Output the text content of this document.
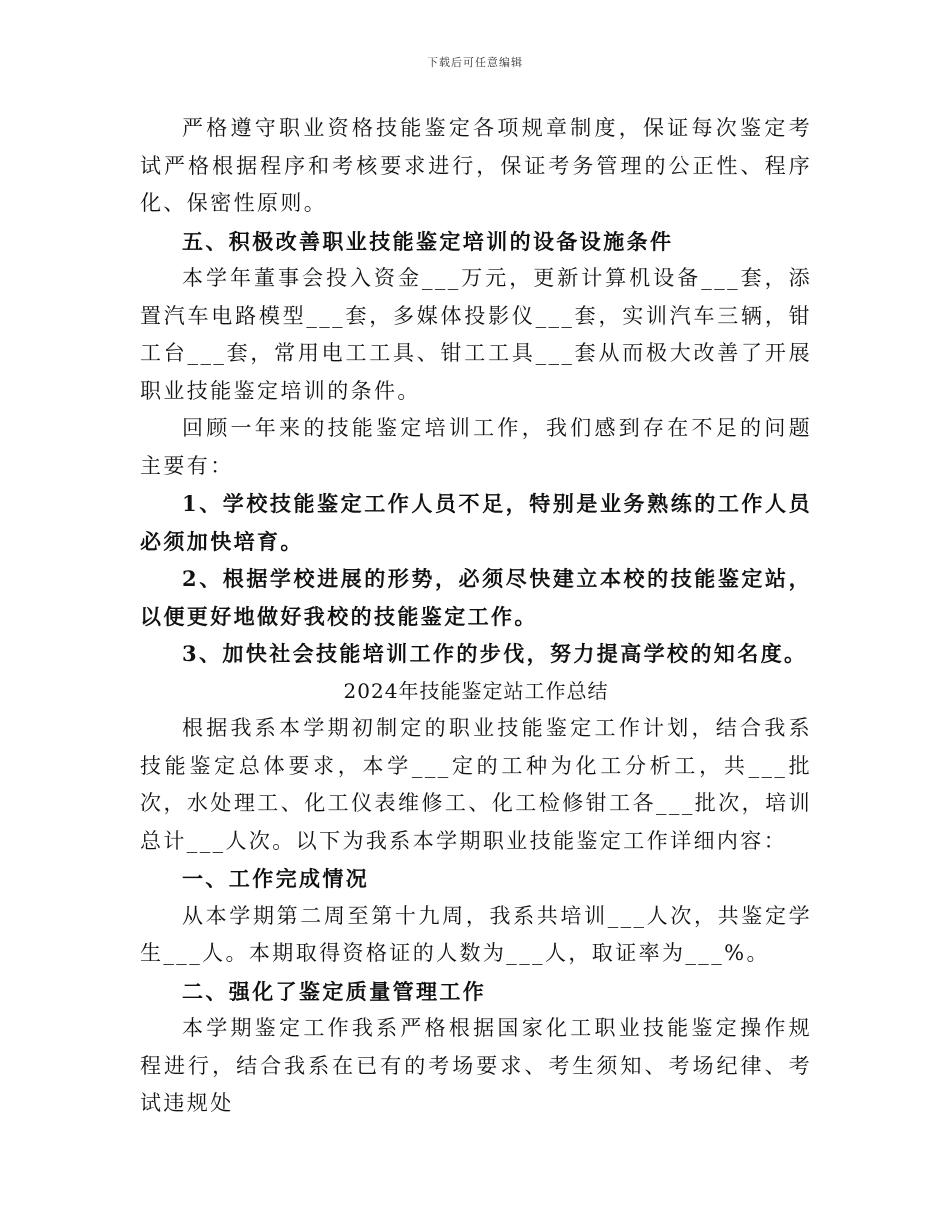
下载后可任意编辑

严格遵守职业资格技能鉴定各项规章制度，保证每次鉴定考试严格根据程序和考核要求进行，保证考务管理的公正性、程序化、保密性原则。

五、积极改善职业技能鉴定培训的设备设施条件

本学年董事会投入资金___万元，更新计算机设备___套，添置汽车电路模型___套，多媒体投影仪___套，实训汽车三辆，钳工台___套，常用电工工具、钳工工具___套从而极大改善了开展职业技能鉴定培训的条件。

回顾一年来的技能鉴定培训工作，我们感到存在不足的问题主要有：

1、学校技能鉴定工作人员不足，特别是业务熟练的工作人员必须加快培育。

2、根据学校进展的形势，必须尽快建立本校的技能鉴定站，以便更好地做好我校的技能鉴定工作。

3、加快社会技能培训工作的步伐，努力提高学校的知名度。

2024年技能鉴定站工作总结

根据我系本学期初制定的职业技能鉴定工作计划，结合我系技能鉴定总体要求，本学___定的工种为化工分析工，共___批次，水处理工、化工仪表维修工、化工检修钳工各___批次，培训总计___人次。以下为我系本学期职业技能鉴定工作详细内容：

一、工作完成情况

从本学期第二周至第十九周，我系共培训___人次，共鉴定学生___人。本期取得资格证的人数为___人，取证率为___%。

二、强化了鉴定质量管理工作

本学期鉴定工作我系严格根据国家化工职业技能鉴定操作规程进行，结合我系在已有的考场要求、考生须知、考场纪律、考试违规处
